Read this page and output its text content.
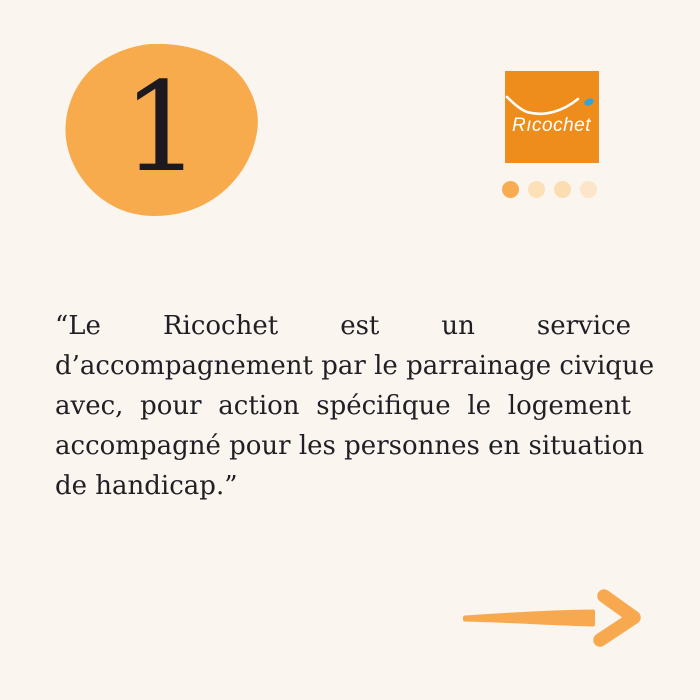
1	Rıcochet
“Le Ricochet est un service
d’accompagnement par le parrainage civique
avec, pour action spécifique le logement
accompagné pour les personnes en situation
de handicap.”
